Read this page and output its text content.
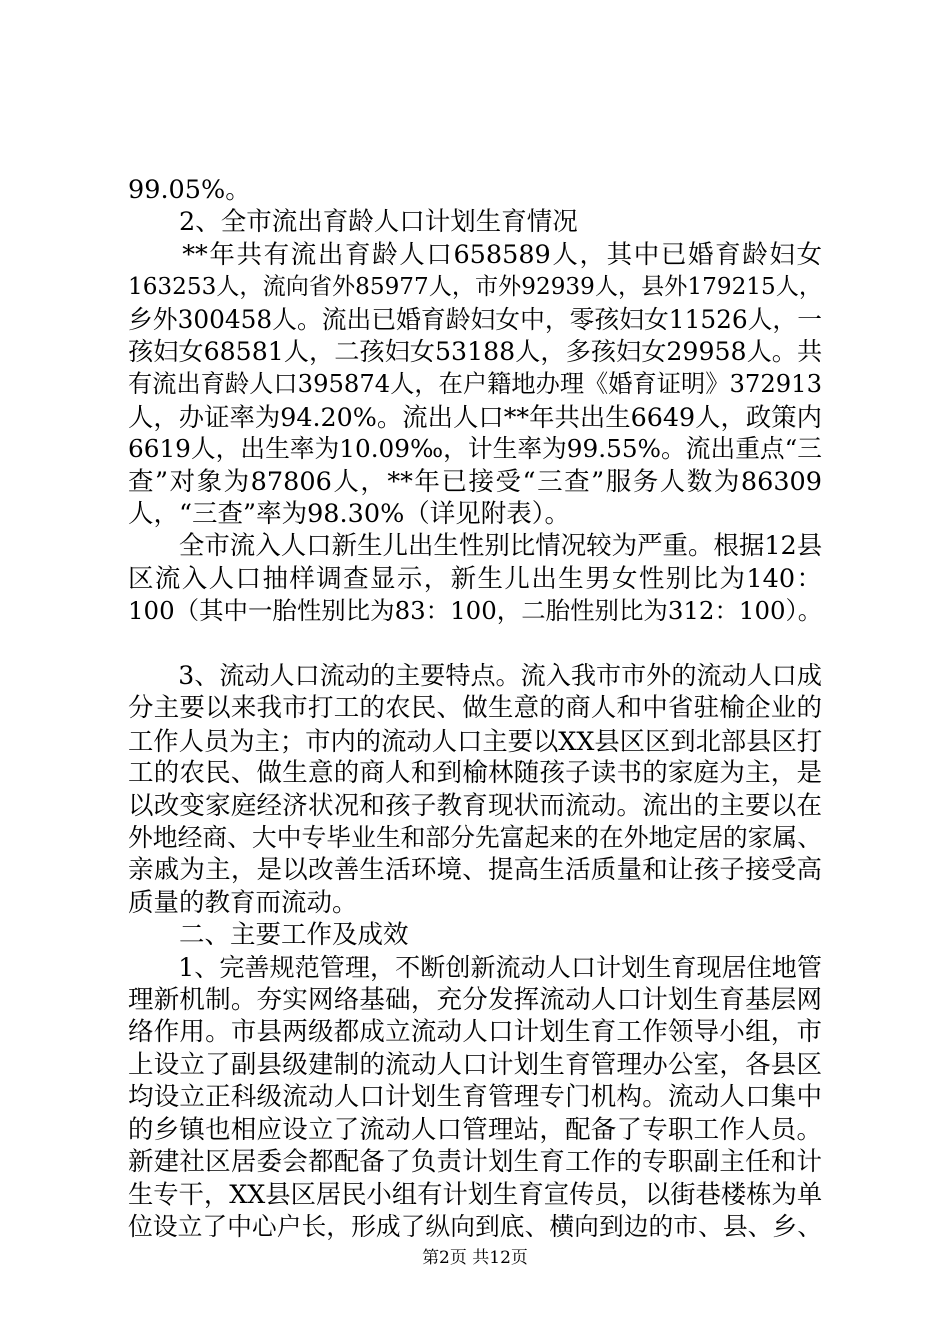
99.05%。
　　2、全市流出育龄人口计划生育情况
　　**年共有流出育龄人口658589人，其中已婚育龄妇女
163253人，流向省外85977人，市外92939人，县外179215人，
乡外300458人。流出已婚育龄妇女中，零孩妇女11526人，一
孩妇女68581人，二孩妇女53188人，多孩妇女29958人。共
有流出育龄人口395874人，在户籍地办理《婚育证明》372913
人，办证率为94.20%。流出人口**年共出生6649人，政策内
6619人，出生率为10.09‰，计生率为99.55%。流出重点“三
查”对象为87806人，**年已接受“三查”服务人数为86309
人，“三查”率为98.30%（详见附表）。
　　全市流入人口新生儿出生性别比情况较为严重。根据12县
区流入人口抽样调查显示，新生儿出生男女性别比为140：
100（其中一胎性别比为83：100，二胎性别比为312：100）。
　　3、流动人口流动的主要特点。流入我市市外的流动人口成
分主要以来我市打工的农民、做生意的商人和中省驻榆企业的
工作人员为主；市内的流动人口主要以XX县区区到北部县区打
工的农民、做生意的商人和到榆林随孩子读书的家庭为主，是
以改变家庭经济状况和孩子教育现状而流动。流出的主要以在
外地经商、大中专毕业生和部分先富起来的在外地定居的家属、
亲戚为主，是以改善生活环境、提高生活质量和让孩子接受高
质量的教育而流动。
　　二、主要工作及成效
　　1、完善规范管理，不断创新流动人口计划生育现居住地管
理新机制。夯实网络基础，充分发挥流动人口计划生育基层网
络作用。市县两级都成立流动人口计划生育工作领导小组，市
上设立了副县级建制的流动人口计划生育管理办公室，各县区
均设立正科级流动人口计划生育管理专门机构。流动人口集中
的乡镇也相应设立了流动人口管理站，配备了专职工作人员。
新建社区居委会都配备了负责计划生育工作的专职副主任和计
生专干，XX县区居民小组有计划生育宣传员，以街巷楼栋为单
位设立了中心户长，形成了纵向到底、横向到边的市、县、乡、
第2页 共12页
